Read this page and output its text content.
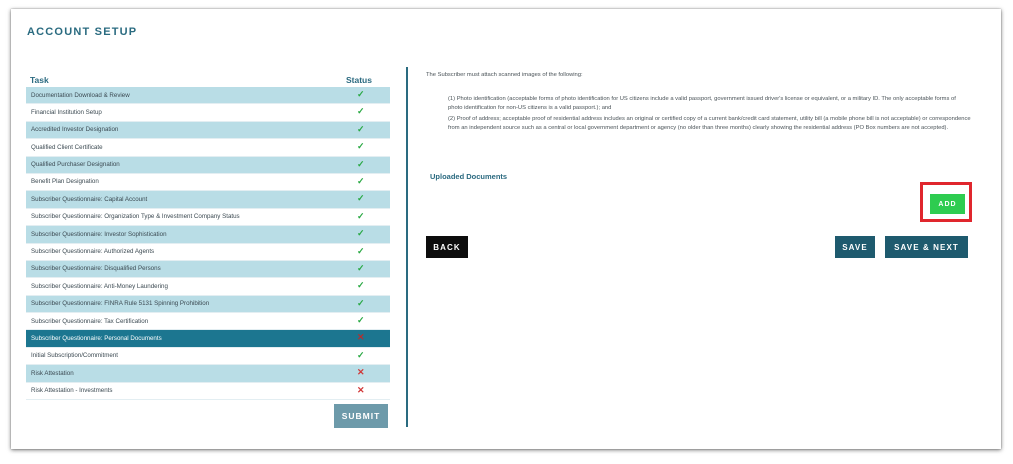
ACCOUNT SETUP
Task	Status
Documentation Download & Review	✓
Financial Institution Setup	✓
Accredited Investor Designation	✓
Qualified Client Certificate	✓
Qualified Purchaser Designation	✓
Benefit Plan Designation	✓
Subscriber Questionnaire: Capital Account	✓
Subscriber Questionnaire: Organization Type & Investment Company Status	✓
Subscriber Questionnaire: Investor Sophistication	✓
Subscriber Questionnaire: Authorized Agents	✓
Subscriber Questionnaire: Disqualified Persons	✓
Subscriber Questionnaire: Anti-Money Laundering	✓
Subscriber Questionnaire: FINRA Rule 5131 Spinning Prohibition	✓
Subscriber Questionnaire: Tax Certification	✓
Subscriber Questionnaire: Personal Documents	✕
Initial Subscription/Commitment	✓
Risk Attestation	✕
Risk Attestation - Investments	✕
SUBMIT

The Subscriber must attach scanned images of the following:

(1) Photo identification (acceptable forms of photo identification for US citizens include a valid passport, government issued driver's license or equivalent, or a military ID. The only acceptable forms of photo identification for non-US citizens is a valid passport.); and

(2) Proof of address; acceptable proof of residential address includes an original or certified copy of a current bank/credit card statement, utility bill (a mobile phone bill is not acceptable) or correspondence from an independent source such as a central or local government department or agency (no older than three months) clearly showing the residential address (PO Box numbers are not accepted).

Uploaded Documents
ADD
BACK	SAVE	SAVE & NEXT
